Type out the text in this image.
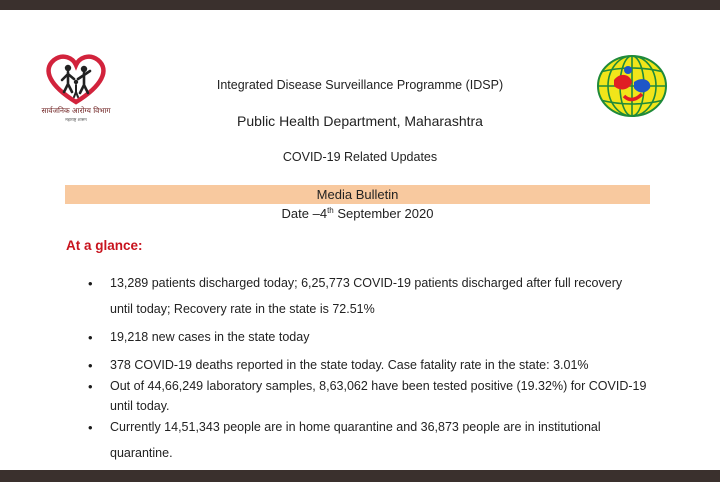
सार्वजनिक आरोग्य विभाग
महाराष्ट्र शासन
Integrated Disease Surveillance Programme (IDSP)
Public Health Department, Maharashtra
COVID-19 Related Updates
Media Bulletin
Date –4th September 2020
At a glance:
• 13,289 patients discharged today; 6,25,773 COVID-19 patients discharged after full recovery
until today; Recovery rate in the state is 72.51%
• 19,218 new cases in the state today
• 378 COVID-19 deaths reported in the state today. Case fatality rate in the state: 3.01%
• Out of 44,66,249 laboratory samples, 8,63,062 have been tested positive (19.32%) for COVID-19
until today.
• Currently 14,51,343 people are in home quarantine and 36,873 people are in institutional
quarantine.
